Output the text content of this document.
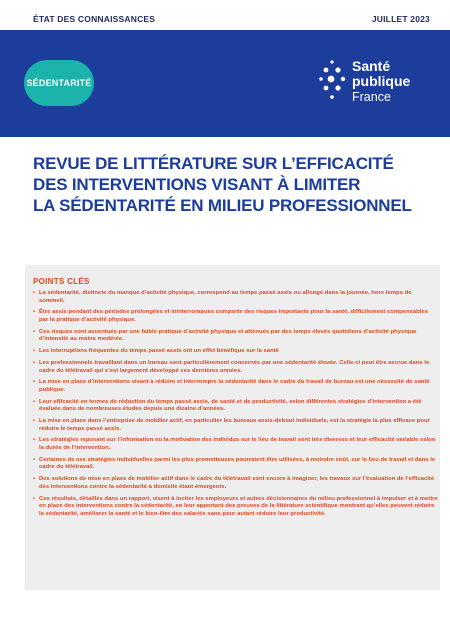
ÉTAT DES CONNAISSANCES	JUILLET 2023
SÉDENTARITÉ
Santé
publique
France
REVUE DE LITTÉRATURE SUR L’EFFICACITÉ
DES INTERVENTIONS VISANT À LIMITER
LA SÉDENTARITÉ EN MILIEU PROFESSIONNEL
POINTS CLÉS
• La sédentarité, distincte du manque d’activité physique, correspond au temps passé assis ou allongé dans la journée, hors temps de sommeil.
• Être assis pendant des périodes prolongées et ininterrompues comporte des risques importants pour la santé, difficilement compensables par la pratique d’activité physique.
• Ces risques sont accentués par une faible pratique d’activité physique et atténués par des temps élevés quotidiens d’activité physique d’intensité au moins modérée.
• Les interruptions fréquentes du temps passé assis ont un effet bénéfique sur la santé
• Les professionnels travaillant dans un bureau sont particulièrement concernés par une sédentarité élevée. Celle-ci peut être accrue dans le cadre du télétravail qui s’est largement développé ces dernières années.
• La mise en place d’interventions visant à réduire et interrompre la sédentarité dans le cadre du travail de bureau est une nécessité de santé publique.
• Leur efficacité en termes de réduction du temps passé assis, de santé et de productivité, selon différentes stratégies d’intervention a été évaluée dans de nombreuses études depuis une dizaine d’années.
• La mise en place dans l’entreprise de mobilier actif, en particulier les bureaux assis-debout individuels, est la stratégie la plus efficace pour réduire le temps passé assis.
• Les stratégies reposant sur l’information ou la motivation des individus sur le lieu de travail sont très diverses et leur efficacité variable selon la durée de l’intervention.
• Certaines de ces stratégies individuelles parmi les plus prometteuses pourraient être utilisées, à moindre coût, sur le lieu de travail et dans le cadre du télétravail.
• Des solutions de mise en place de mobilier actif dans le cadre du télétravail sont encore à imaginer, les travaux sur l’évaluation de l’efficacité des interventions contre la sédentarité à domicile étant émergents.
• Ces résultats, détaillés dans un rapport, visent à inciter les employeurs et autres décisionnaires du milieu professionnel à impulser et à mettre en place des interventions contre la sédentarité, en leur apportant des preuves de la littérature scientifique montrant qu’elles peuvent réduire la sédentarité, améliorer la santé et le bien-être des salariés sans pour autant réduire leur productivité.
